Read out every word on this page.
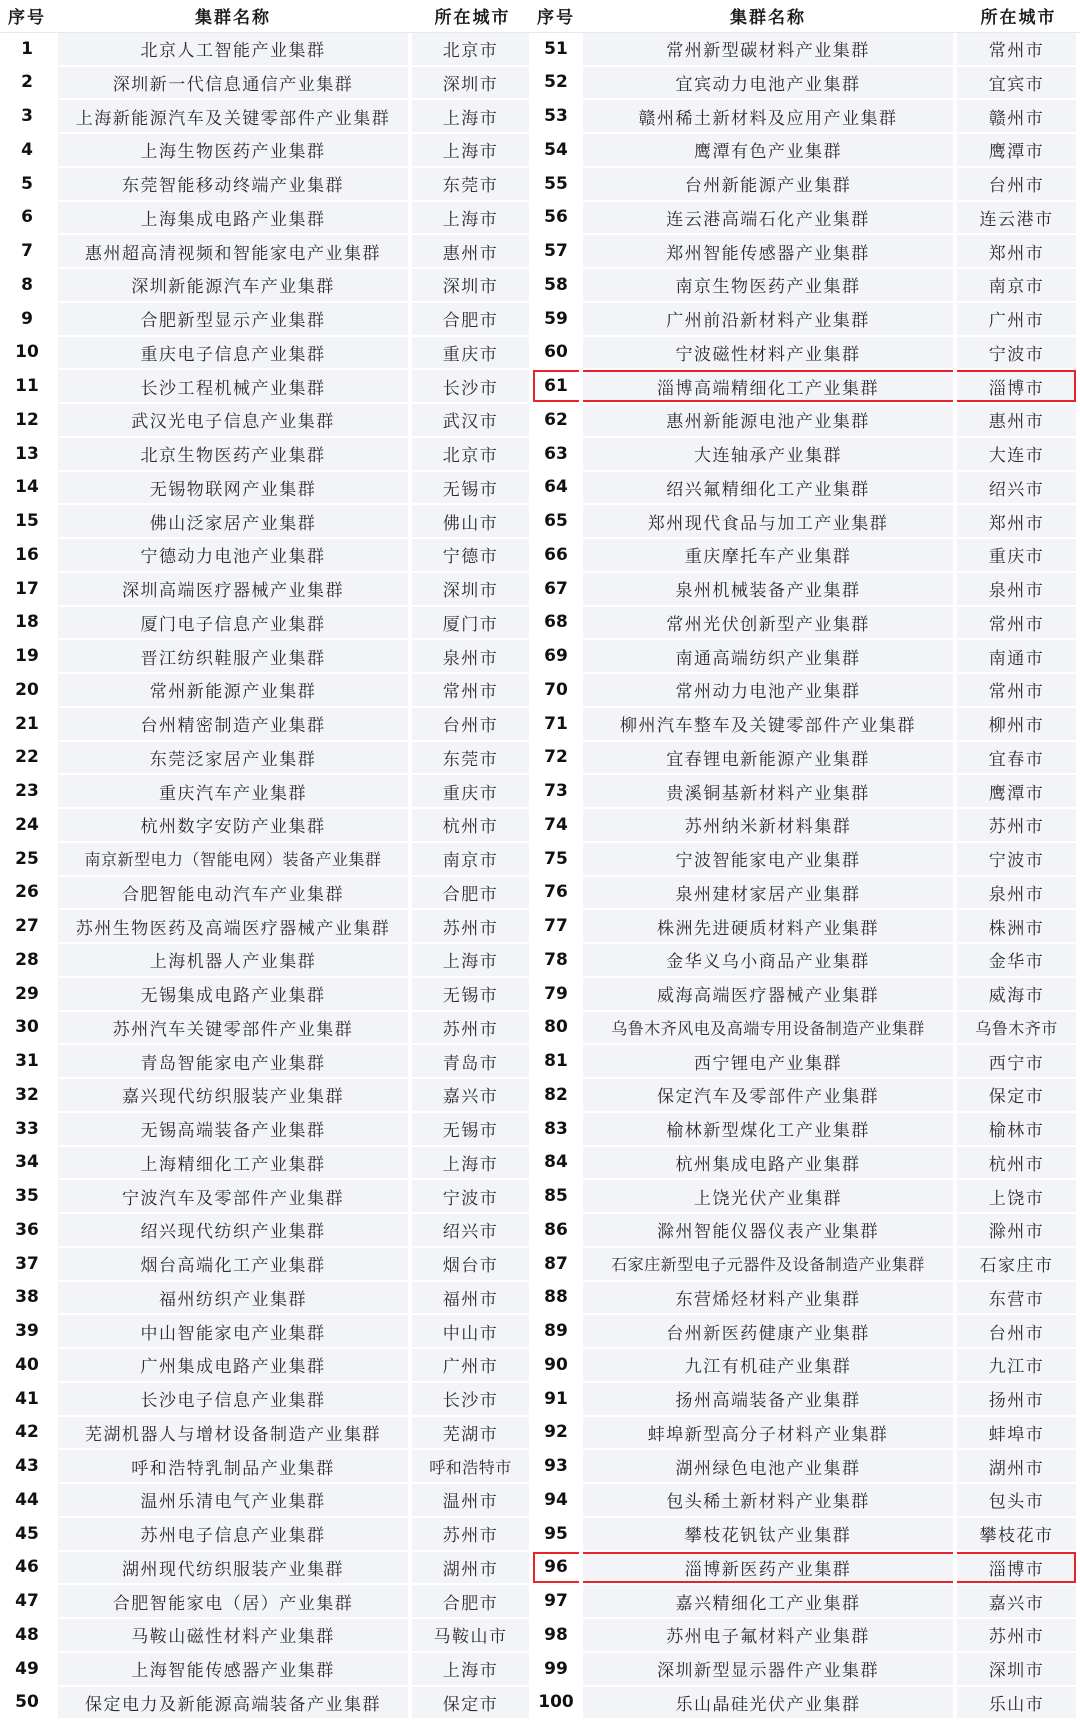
序号	集群名称	所在城市
1	北京人工智能产业集群	北京市
2	深圳新一代信息通信产业集群	深圳市
3	上海新能源汽车及关键零部件产业集群	上海市
4	上海生物医药产业集群	上海市
5	东莞智能移动终端产业集群	东莞市
6	上海集成电路产业集群	上海市
7	惠州超高清视频和智能家电产业集群	惠州市
8	深圳新能源汽车产业集群	深圳市
9	合肥新型显示产业集群	合肥市
10	重庆电子信息产业集群	重庆市
11	长沙工程机械产业集群	长沙市
12	武汉光电子信息产业集群	武汉市
13	北京生物医药产业集群	北京市
14	无锡物联网产业集群	无锡市
15	佛山泛家居产业集群	佛山市
16	宁德动力电池产业集群	宁德市
17	深圳高端医疗器械产业集群	深圳市
18	厦门电子信息产业集群	厦门市
19	晋江纺织鞋服产业集群	泉州市
20	常州新能源产业集群	常州市
21	台州精密制造产业集群	台州市
22	东莞泛家居产业集群	东莞市
23	重庆汽车产业集群	重庆市
24	杭州数字安防产业集群	杭州市
25	南京新型电力（智能电网）装备产业集群	南京市
26	合肥智能电动汽车产业集群	合肥市
27	苏州生物医药及高端医疗器械产业集群	苏州市
28	上海机器人产业集群	上海市
29	无锡集成电路产业集群	无锡市
30	苏州汽车关键零部件产业集群	苏州市
31	青岛智能家电产业集群	青岛市
32	嘉兴现代纺织服装产业集群	嘉兴市
33	无锡高端装备产业集群	无锡市
34	上海精细化工产业集群	上海市
35	宁波汽车及零部件产业集群	宁波市
36	绍兴现代纺织产业集群	绍兴市
37	烟台高端化工产业集群	烟台市
38	福州纺织产业集群	福州市
39	中山智能家电产业集群	中山市
40	广州集成电路产业集群	广州市
41	长沙电子信息产业集群	长沙市
42	芜湖机器人与增材设备制造产业集群	芜湖市
43	呼和浩特乳制品产业集群	呼和浩特市
44	温州乐清电气产业集群	温州市
45	苏州电子信息产业集群	苏州市
46	湖州现代纺织服装产业集群	湖州市
47	合肥智能家电（居）产业集群	合肥市
48	马鞍山磁性材料产业集群	马鞍山市
49	上海智能传感器产业集群	上海市
50	保定电力及新能源高端装备产业集群	保定市
序号	集群名称	所在城市
51	常州新型碳材料产业集群	常州市
52	宜宾动力电池产业集群	宜宾市
53	赣州稀土新材料及应用产业集群	赣州市
54	鹰潭有色产业集群	鹰潭市
55	台州新能源产业集群	台州市
56	连云港高端石化产业集群	连云港市
57	郑州智能传感器产业集群	郑州市
58	南京生物医药产业集群	南京市
59	广州前沿新材料产业集群	广州市
60	宁波磁性材料产业集群	宁波市
61	淄博高端精细化工产业集群	淄博市
62	惠州新能源电池产业集群	惠州市
63	大连轴承产业集群	大连市
64	绍兴氟精细化工产业集群	绍兴市
65	郑州现代食品与加工产业集群	郑州市
66	重庆摩托车产业集群	重庆市
67	泉州机械装备产业集群	泉州市
68	常州光伏创新型产业集群	常州市
69	南通高端纺织产业集群	南通市
70	常州动力电池产业集群	常州市
71	柳州汽车整车及关键零部件产业集群	柳州市
72	宜春锂电新能源产业集群	宜春市
73	贵溪铜基新材料产业集群	鹰潭市
74	苏州纳米新材料集群	苏州市
75	宁波智能家电产业集群	宁波市
76	泉州建材家居产业集群	泉州市
77	株洲先进硬质材料产业集群	株洲市
78	金华义乌小商品产业集群	金华市
79	威海高端医疗器械产业集群	威海市
80	乌鲁木齐风电及高端专用设备制造产业集群	乌鲁木齐市
81	西宁锂电产业集群	西宁市
82	保定汽车及零部件产业集群	保定市
83	榆林新型煤化工产业集群	榆林市
84	杭州集成电路产业集群	杭州市
85	上饶光伏产业集群	上饶市
86	滁州智能仪器仪表产业集群	滁州市
87	石家庄新型电子元器件及设备制造产业集群	石家庄市
88	东营烯烃材料产业集群	东营市
89	台州新医药健康产业集群	台州市
90	九江有机硅产业集群	九江市
91	扬州高端装备产业集群	扬州市
92	蚌埠新型高分子材料产业集群	蚌埠市
93	湖州绿色电池产业集群	湖州市
94	包头稀土新材料产业集群	包头市
95	攀枝花钒钛产业集群	攀枝花市
96	淄博新医药产业集群	淄博市
97	嘉兴精细化工产业集群	嘉兴市
98	苏州电子氟材料产业集群	苏州市
99	深圳新型显示器件产业集群	深圳市
100	乐山晶硅光伏产业集群	乐山市
